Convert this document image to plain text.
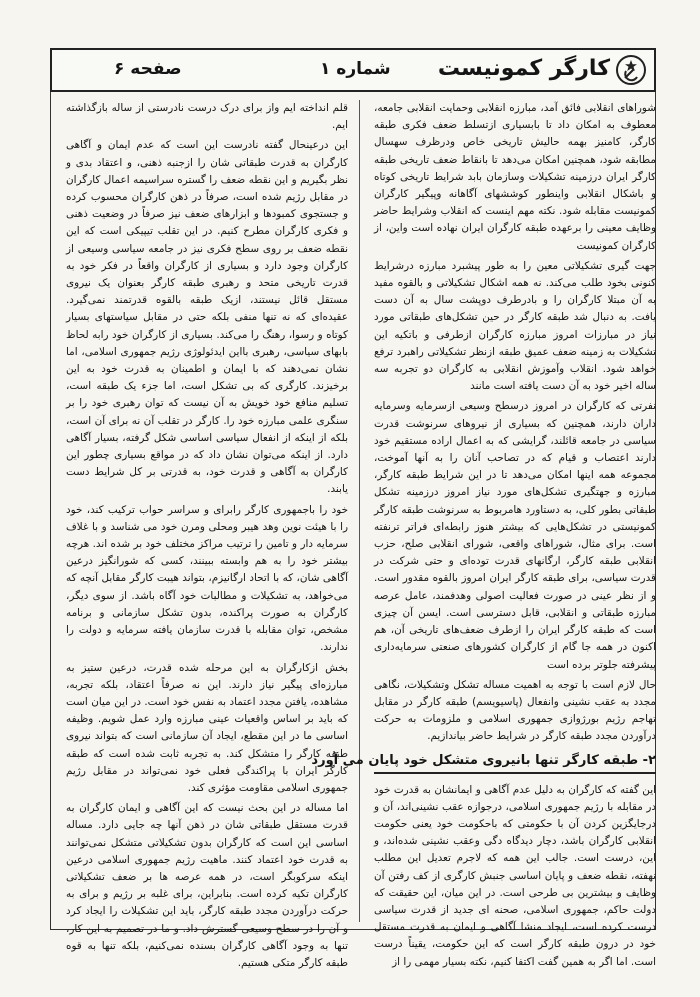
کارگر کمونیست
شماره ۱
صفحه ۶

شوراهای انقلابی فائق آمد، مبارزه انقلابی وحمایت انقلابی جامعه، معطوف به امکان داد تا بابسیاری ازتسلط ضعف فکری طبقه کارگر، کامنیز بهمه حالیش تاریخی خاص ودرظرف سهسال مطابقه شود، همچنین امکان می‌دهد تا بانقاط ضعف تاریخی طبقه کارگر ایران درزمینه تشکیلات وسازمان بابد شرایط تاریخی کوتاه و باشکال انقلابی واینطور کوششهای آگاهانه وپیگیر کارگران کمونیست مقابله شود. نکته مهم اینست که انقلاب وشرایط حاضر وظایف معینی را برعهده طبقه کارگران ایران نهاده است واین، از کارگران کمونیست

جهت گیری تشکیلاتی معین را به طور پیشبرد مبارزه درشرایط کنونی بخود طلب می‌کند. نه همه اشکال تشکیلاتی و بالقوه مفید به آن مبتلا کارگران را و بادرطرف دوپشت سال به آن دست یافت. به دنبال شد طبقه کارگر در حین تشکل‌های طبقاتی مورد نیاز در مبارزات امروز مبارزه کارگران ازطرفی و باتکیه این تشکیلات به زمینه ضعف عمیق طبقه ازنظر تشکیلاتی راهبرد ترفع خواهد شود. انقلاب وآموزش انقلابی به کارگران دو تجربه سه ساله اخیر خود به آن دست یافته است مانند

نفرتی که کارگران در امروز درسطح وسیعی ازسرمایه وسرمایه داران دارند، همچنین که بسیاری از نیروهای سرنوشت قدرت سیاسی در جامعه قائلند، گرایشی که به اعمال اراده مستقیم خود دارند اعتصاب و قیام که در تصاحب آنان را به آنها آموخت، مجموعه همه اینها امکان می‌دهد تا در این شرایط طبقه کارگر، مبارزه و جهتگیری تشکل‌های مورد نیاز امروز درزمینه تشکل طبقاتی بطور کلی، به دستاورد هامربوط به سرنوشت طبقه کارگر کمونیستی در تشکل‌هایی که بیشتر هنوز رابطه‌ای فراتر ترنفته است. برای مثال، شوراهای واقعی، شورای انقلابی صلح، حزب انقلابی طبقه کارگر، ارگانهای قدرت توده‌ای و حتی شرکت در قدرت سیاسی، برای طبقه کارگر ایران امروز بالقوه مقدور است. و از نظر عینی در صورت فعالیت اصولی وهدفمند، عامل عرصه مبارزه طبقاتی و انقلابی، قابل دسترسی است. ایسن آن چیزی است که طبقه کارگر ایران را ازطرف ضعف‌های تاریخی آن، هم اکنون در همه جا گام از کارگران کشورهای صنعتی سرمایه‌داری پیشرفته جلوتر برده است

حال لازم است با توجه به اهمیت مساله تشکل وتشکیلات، نگاهی مجدد به عقب نشینی وانفعال (پاسیویسم) طبقه کارگر در مقابل تهاجم رژیم بورژوازی جمهوری اسلامی و ملزومات به حرکت درآوردن مجدد طبقه کارگر در شرایط حاضر بیاندازیم.

۲- طبقه کارگر تنها بانیروی متشکل خود پایان می آورد

این گفته که کارگران به دلیل عدم آگاهی و ایمانشان به قدرت خود در مقابله با رژیم جمهوری اسلامی، درجوازه عقب نشینی‌اند، آن و درجایگزین کردن آن با حکومتی که باحکومت خود یعنی حکومت انقلابی کارگران باشد، دچار دیدگاه دگی وعقب نشینی شده‌اند، و این، درست است. جالب این همه که لاجرم تعدیل این مطلب نهفته، نقطه ضعف و پایان اساسی جنبش کارگری از کف رفتن آن وظایف و بیشترین بی طرحی است. در این میان، این حقیقت که دولت حاکم، جمهوری اسلامی، صحنه ای جدید از قدرت سیاسی درست کرده است، ایجاد منشا آگاهی و ایمان به قدرت مستقل خود در درون طبقه کارگر است که این حکومت، یقیناً درست است. اما اگر به همین گفت اکتفا کنیم، نکته بسیار مهمی را از

قلم انداخته ایم واز برای درک درست نادرستی از ساله بازگذاشته ایم.

این درعینحال گفته نادرست این است که عدم ایمان و آگاهی کارگران به قدرت طبقاتی شان را ازجنبه ذهنی، و اعتقاد بدی و نظر بگیریم و این نقطه ضعف را گستره سراسیمه اعمال کارگران در مقابل رژیم شده است، صرفاً در ذهن کارگران محسوب کرده و جستجوی کمبودها و ابزارهای ضعف نیز صرفاً در وضعیت ذهنی و فکری کارگران مطرح کنیم. در این تقلب تیپیکی است که این نقطه ضعف بر روی سطح فکری نیز در جامعه سیاسی وسیعی از کارگران وجود دارد و بسیاری از کارگران واقعاً در فکر خود به قدرت تاریخی متحد و رهبری طبقه کارگر بعنوان یک نیروی مستقل قائل نیستند، ازیک طبقه بالقوه قدرتمند نمی‌گیرد. عقیده‌ای که نه تنها منفی بلکه حتی در مقابل سیاستهای بسیار کوتاه و رسوا، رهنگ را می‌کند. بسیاری از کارگران خود رابه لحاظ بابهای سیاسی، رهبری بااین ایدئولوژی رژیم جمهوری اسلامی، اما نشان نمی‌دهند که با ایمان و اطمینان به قدرت خود به این برخیزند. کارگری که بی تشکل است، اما جزء یک طبقه است، تسلیم منافع خود خویش به آن نیست که توان رهبری خود را بر سنگری علمی مبارزه خود را. کارگر در تقلب آن نه برای آن است، بلکه از اینکه از انفعال سیاسی اساسی شکل گرفته، بسیار آگاهی دارد. از اینکه می‌توان نشان داد که در مواقع بسیاری چطور این کارگران به آگاهی و قدرت خود، به قدرتی بر کل شرایط دست یابند.

خود را باجمهوری کارگر رابرای و سراسر حواب ترکیب کند، خود را با هیئت نوین وهد هیبر ومحلی ومرن خود می شناسد و با غلاف سرمایه دار و تامین را ترتیب مراکز مختلف خود بر شده اند. هرچه بیشتر خود را به هم وابسته ببینند، کسی که شورانگیز درعین آگاهی شان، که با اتحاد ارگانیزم، بتواند هیبت کارگر مقابل آنچه که می‌خواهد، به تشکیلات و مطالبات خود آگاه باشد. از سوی دیگر، کارگران به صورت پراکنده، بدون تشکل سازمانی و برنامه مشخص، توان مقابله با قدرت سازمان یافته سرمایه و دولت را ندارند.

بخش ازکارگران به این مرحله شده قدرت، درعین ستیز به مبارزه‌ای پیگیر نیاز دارند. این نه صرفاً اعتقاد، بلکه تجربه، مشاهده، یافتن مجدد اعتماد به نفس خود است. در این میان است که باید بر اساس واقعیات عینی مبارزه وارد عمل شویم. وظیفه اساسی ما در این مقطع، ایجاد آن سازمانی است که بتواند نیروی طبقه کارگر را متشکل کند. به تجربه ثابت شده است که طبقه کارگر ایران با پراکندگی فعلی خود نمی‌تواند در مقابل رژیم جمهوری اسلامی مقاومت مؤثری کند.

اما مساله در این بحث نیست که این آگاهی و ایمان کارگران به قدرت مستقل طبقاتی شان در ذهن آنها چه جایی دارد. مساله اساسی این است که کارگران بدون تشکیلاتی متشکل نمی‌توانند به قدرت خود اعتماد کنند. ماهیت رژیم جمهوری اسلامی درعین اینکه سرکوبگر است، در همه عرصه ها بر ضعف تشکیلاتی کارگران تکیه کرده است. بنابراین، برای غلبه بر رژیم و برای به حرکت درآوردن مجدد طبقه کارگر، باید این تشکیلات را ایجاد کرد و آن را در سطح وسیعی گسترش داد. و ما در تصمیم به این کار، تنها به وجود آگاهی کارگران بسنده نمی‌کنیم، بلکه تنها به قوه طبقه کارگر متکی هستیم.
